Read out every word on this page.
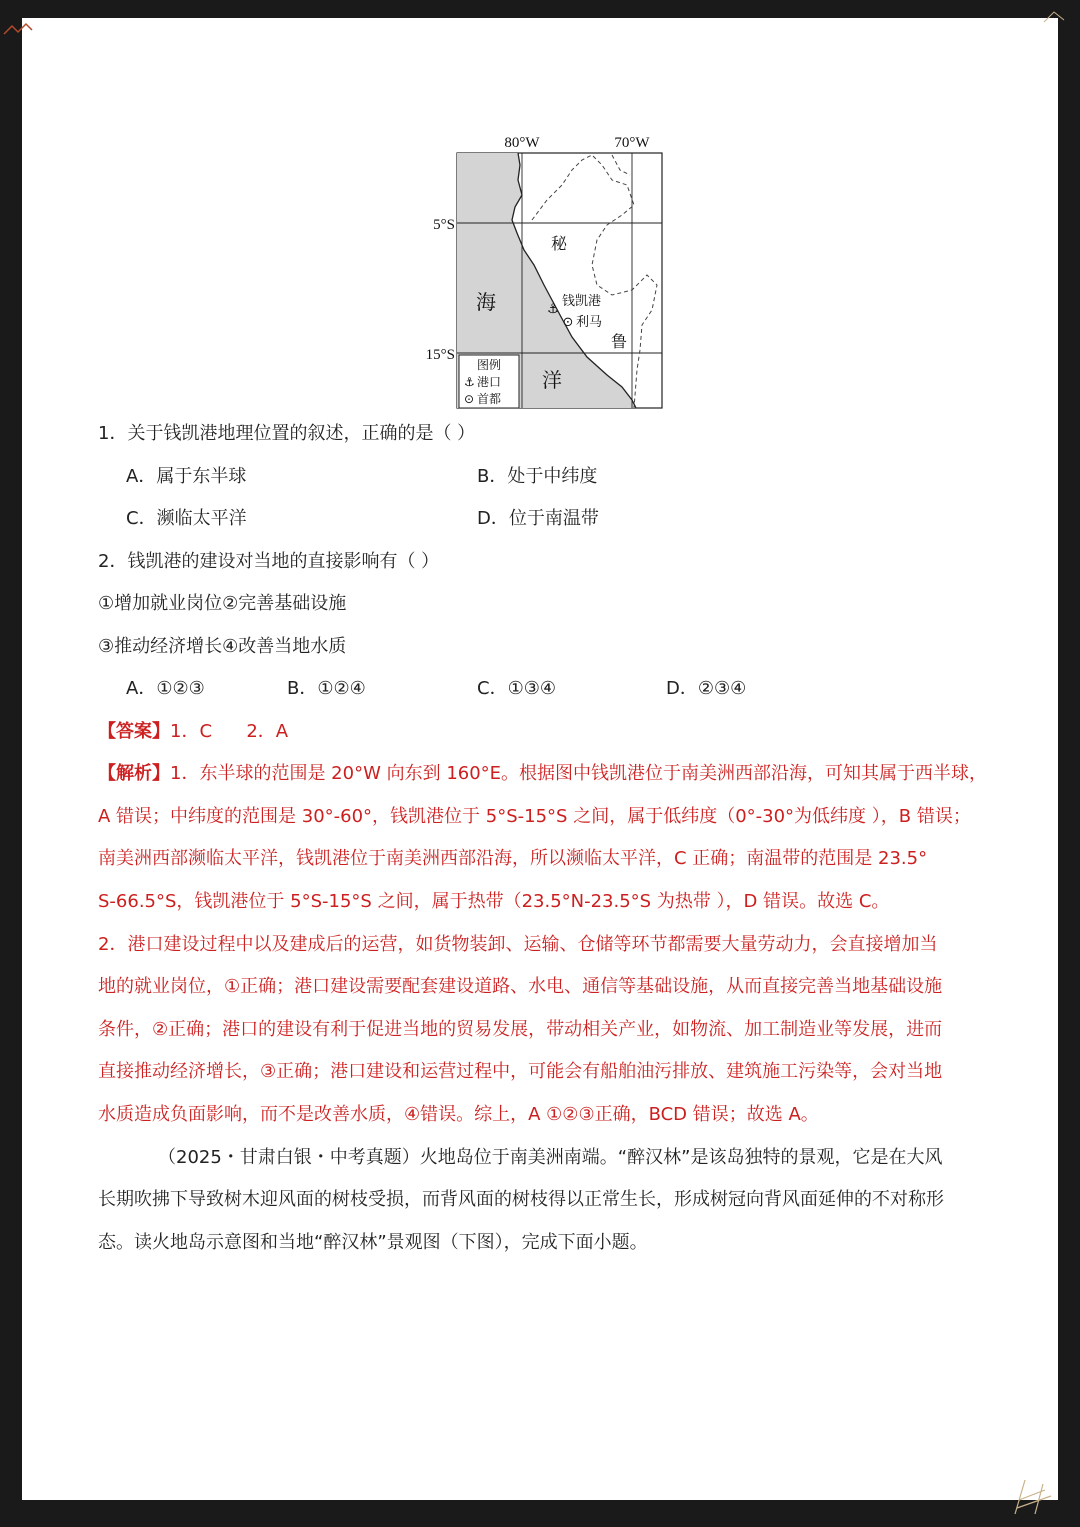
80°W	70°W
5°S
15°S
海
洋
秘
鲁
⚓
钱凯港
⊙ 利马
图例
⚓ 港口
⊙ 首都
1．关于钱凯港地理位置的叙述，正确的是（ ）
A．属于东半球	B．处于中纬度
C．濒临太平洋	D．位于南温带
2．钱凯港的建设对当地的直接影响有（ ）
①增加就业岗位②完善基础设施
③推动经济增长④改善当地水质
A．①②③	B．①②④	C．①③④	D．②③④
【答案】1．C      2．A
【解析】1．东半球的范围是 20°W 向东到 160°E。根据图中钱凯港位于南美洲西部沿海，可知其属于西半球，
A 错误；中纬度的范围是 30°-60°，钱凯港位于 5°S-15°S 之间，属于低纬度（0°-30°为低纬度 ），B 错误；
南美洲西部濒临太平洋，钱凯港位于南美洲西部沿海，所以濒临太平洋，C 正确；南温带的范围是 23.5°
S-66.5°S，钱凯港位于 5°S-15°S 之间，属于热带（23.5°N-23.5°S 为热带 ），D 错误。故选 C。
2．港口建设过程中以及建成后的运营，如货物装卸、运输、仓储等环节都需要大量劳动力，会直接增加当
地的就业岗位，①正确；港口建设需要配套建设道路、水电、通信等基础设施，从而直接完善当地基础设施
条件，②正确；港口的建设有利于促进当地的贸易发展，带动相关产业，如物流、加工制造业等发展，进而
直接推动经济增长，③正确；港口建设和运营过程中，可能会有船舶油污排放、建筑施工污染等，会对当地
水质造成负面影响，而不是改善水质，④错误。综上，A ①②③正确，BCD 错误；故选 A。
（2025・甘肃白银・中考真题）火地岛位于南美洲南端。“醉汉林”是该岛独特的景观，它是在大风
长期吹拂下导致树木迎风面的树枝受损，而背风面的树枝得以正常生长，形成树冠向背风面延伸的不对称形
态。读火地岛示意图和当地“醉汉林”景观图（下图），完成下面小题。
